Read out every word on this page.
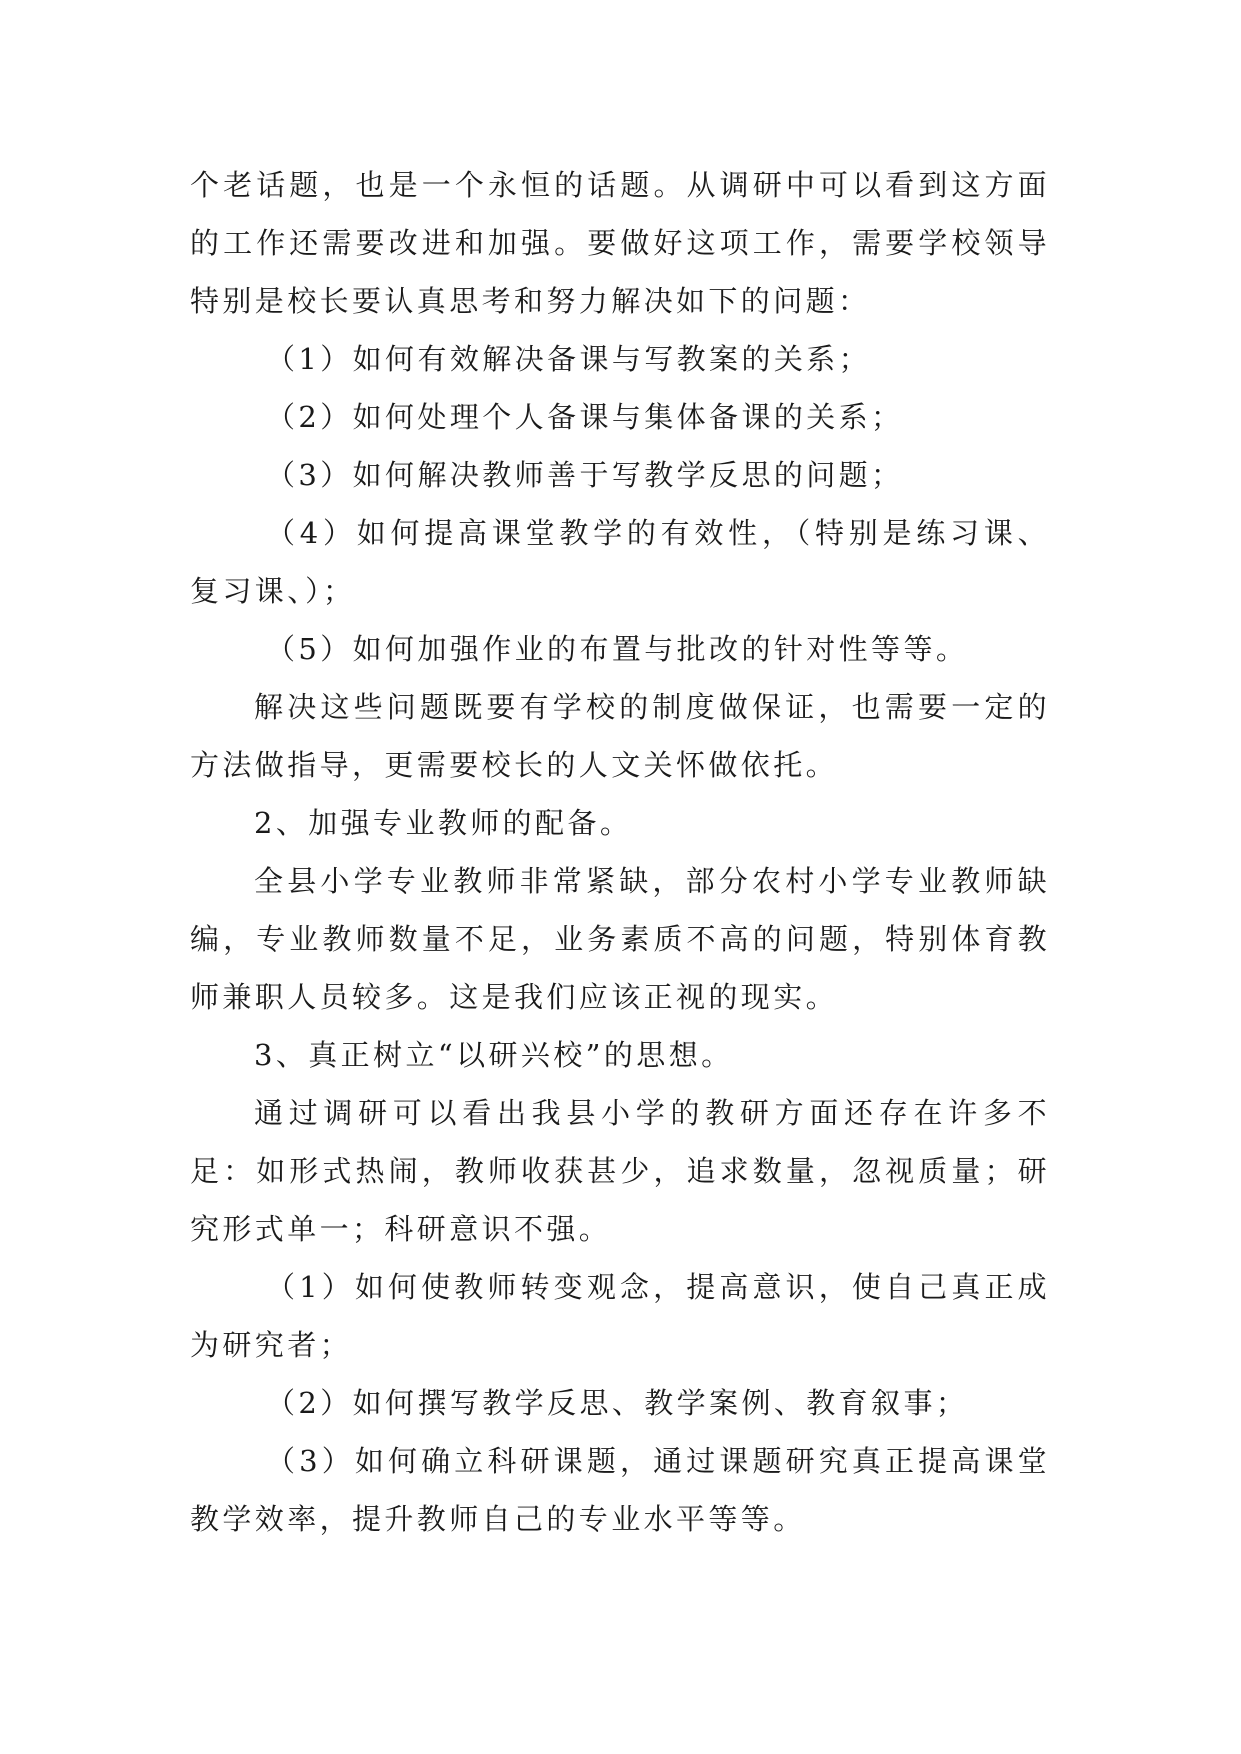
个老话题，也是一个永恒的话题。从调研中可以看到这方面的工作还需要改进和加强。要做好这项工作，需要学校领导特别是校长要认真思考和努力解决如下的问题：

（1）如何有效解决备课与写教案的关系；

（2）如何处理个人备课与集体备课的关系；

（3）如何解决教师善于写教学反思的问题；

（4）如何提高课堂教学的有效性，（特别是练习课、复习课、）；

（5）如何加强作业的布置与批改的针对性等等。

解决这些问题既要有学校的制度做保证，也需要一定的方法做指导，更需要校长的人文关怀做依托。

2、加强专业教师的配备。

全县小学专业教师非常紧缺，部分农村小学专业教师缺编，专业教师数量不足，业务素质不高的问题，特别体育教师兼职人员较多。这是我们应该正视的现实。

3、真正树立“以研兴校”的思想。

通过调研可以看出我县小学的教研方面还存在许多不足：如形式热闹，教师收获甚少，追求数量，忽视质量；研究形式单一；科研意识不强。

（1）如何使教师转变观念，提高意识，使自己真正成为研究者；

（2）如何撰写教学反思、教学案例、教育叙事；

（3）如何确立科研课题，通过课题研究真正提高课堂教学效率，提升教师自己的专业水平等等。
